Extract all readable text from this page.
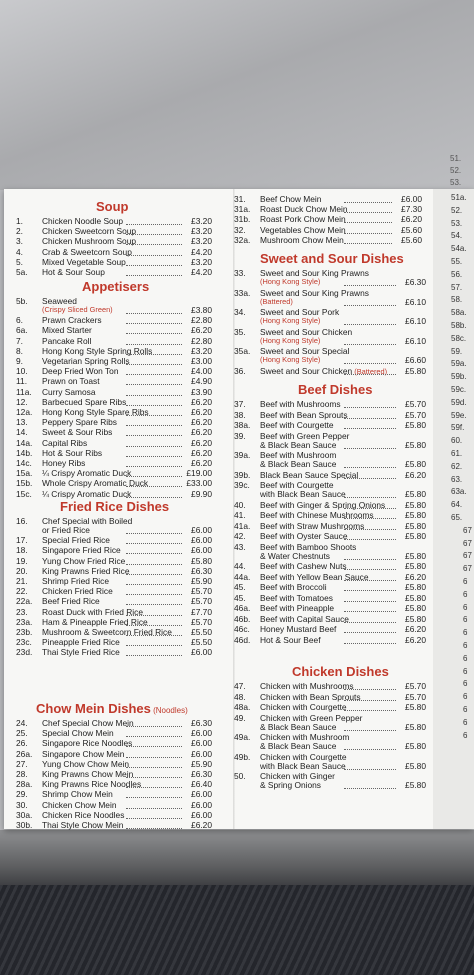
51.
52.
53.
Soup
1.	Chicken Noodle Soup	£3.20
2.	Chicken Sweetcorn Soup	£3.20
3.	Chicken Mushroom Soup	£3.20
4.	Crab & Sweetcorn Soup	£4.20
5.	Mixed Vegetable Soup	£3.20
5a.	Hot & Sour Soup	£4.20
Appetisers
5b.	Seaweed
(Crispy Sliced Green)	£3.80
6.	Prawn Crackers	£2.80
6a.	Mixed Starter	£6.20
7.	Pancake Roll	£2.80
8.	Hong Kong Style Spring Rolls	£3.20
9.	Vegetarian Spring Rolls	£3.00
10.	Deep Fried Won Ton	£4.00
11.	Prawn on Toast	£4.90
11a.	Curry Samosa	£3.90
12.	Barbecued Spare Ribs	£6.20
12a.	Hong Kong Style Spare Ribs	£6.20
13.	Peppery Spare Ribs	£6.20
14.	Sweet & Sour Ribs	£6.20
14a.	Capital Ribs	£6.20
14b.	Hot & Sour Ribs	£6.20
14c.	Honey Ribs	£6.20
15a.	¼ Crispy Aromatic Duck	£19.00
15b.	Whole Crispy Aromatic Duck	£33.00
15c.	¼ Crispy Aromatic Duck	£9.90
Fried Rice Dishes
16.	Chef Special with Boiled
or Fried Rice	£6.00
17.	Special Fried Rice	£6.00
18.	Singapore Fried Rice	£6.00
19.	Yung Chow Fried Rice	£5.80
20.	King Prawns Fried Rice	£6.30
21.	Shrimp Fried Rice	£5.90
22.	Chicken Fried Rice	£5.70
22a.	Beef Fried Rice	£5.70
23.	Roast Duck with Fried Rice	£7.70
23a.	Ham & Pineapple Fried Rice	£5.70
23b.	Mushroom & Sweetcorn Fried Rice £5.50
23c.	Pineapple Fried Rice	£5.50
23d.	Thai Style Fried Rice	£6.00
Chow Mein Dishes (Noodles)
24.	Chef Special Chow Mein	£6.30
25.	Special Chow Mein	£6.00
26.	Singapore Rice Noodles	£6.00
26a.	Singapore Chow Mein	£6.00
27.	Yung Chow Chow Mein	£5.90
28.	King Prawns Chow Mein	£6.30
28a.	King Prawns Rice Noodles	£6.40
29.	Shrimp Chow Mein	£6.00
30.	Chicken Chow Mein	£6.00
30a.	Chicken Rice Noodles	£6.00
30b.	Thai Style Chow Mein	£6.20
31.	Beef Chow Mein	£6.00
31a.	Roast Duck Chow Mein	£7.30
31b.	Roast Pork Chow Mein	£6.20
32.	Vegetables Chow Mein	£5.60
32a.	Mushroom Chow Mein	£5.60
Sweet and Sour Dishes
33.	Sweet and Sour King Prawns
(Hong Kong Style)	£6.30
33a.	Sweet and Sour King Prawns
(Battered)	£6.10
34.	Sweet and Sour Pork
(Hong Kong Style)	£6.10
35.	Sweet and Sour Chicken
(Hong Kong Style)	£6.10
35a.	Sweet and Sour Special
(Hong Kong Style)	£6.60
36.	Sweet and Sour Chicken (Battered) £5.80
Beef Dishes
37.	Beef with Mushrooms	£5.70
38.	Beef with Bean Sprouts	£5.70
38a.	Beef with Courgette	£5.80
39.	Beef with Green Pepper
& Black Bean Sauce	£5.80
39a.	Beef with Mushroom
& Black Bean Sauce	£5.80
39b.	Black Bean Sauce Special	£6.20
39c.	Beef with Courgette
with Black Bean Sauce	£5.80
40.	Beef with Ginger & Spring Onions £5.80
41.	Beef with Chinese Mushrooms	£5.80
41a.	Beef with Straw Mushrooms	£5.80
42.	Beef with Oyster Sauce	£5.80
43.	Beef with Bamboo Shoots
& Water Chestnuts	£5.80
44.	Beef with Cashew Nuts	£5.80
44a.	Beef with Yellow Bean Sauce	£6.20
45.	Beef with Broccoli	£5.80
45.	Beef with Tomatoes	£5.80
46a.	Beef with Pineapple	£5.80
46b.	Beef with Capital Sauce	£5.80
46c.	Honey Mustard Beef	£6.20
46d.	Hot & Sour Beef	£6.20
Chicken Dishes
47.	Chicken with Mushrooms	£5.70
48.	Chicken with Bean Sprouts	£5.70
48a.	Chicken with Courgette	£5.80
49.	Chicken with Green Pepper
& Black Bean Sauce	£5.80
49a.	Chicken with Mushroom
& Black Bean Sauce	£5.80
49b.	Chicken with Courgette
with Black Bean Sauce	£5.80
50.	Chicken with Ginger
& Spring Onions	£5.80
51a.
52.
53.
54.
54a.
55.
56.
57.
58.
58a.
58b.
58c.
59.
59a.
59b.
59c.
59d.
59e.
59f.
60.
61.
62.
63.
63a.
64.
65.
67
67
67
67
6
6
6
6
6
6
6
6
6
6
6
6
6
